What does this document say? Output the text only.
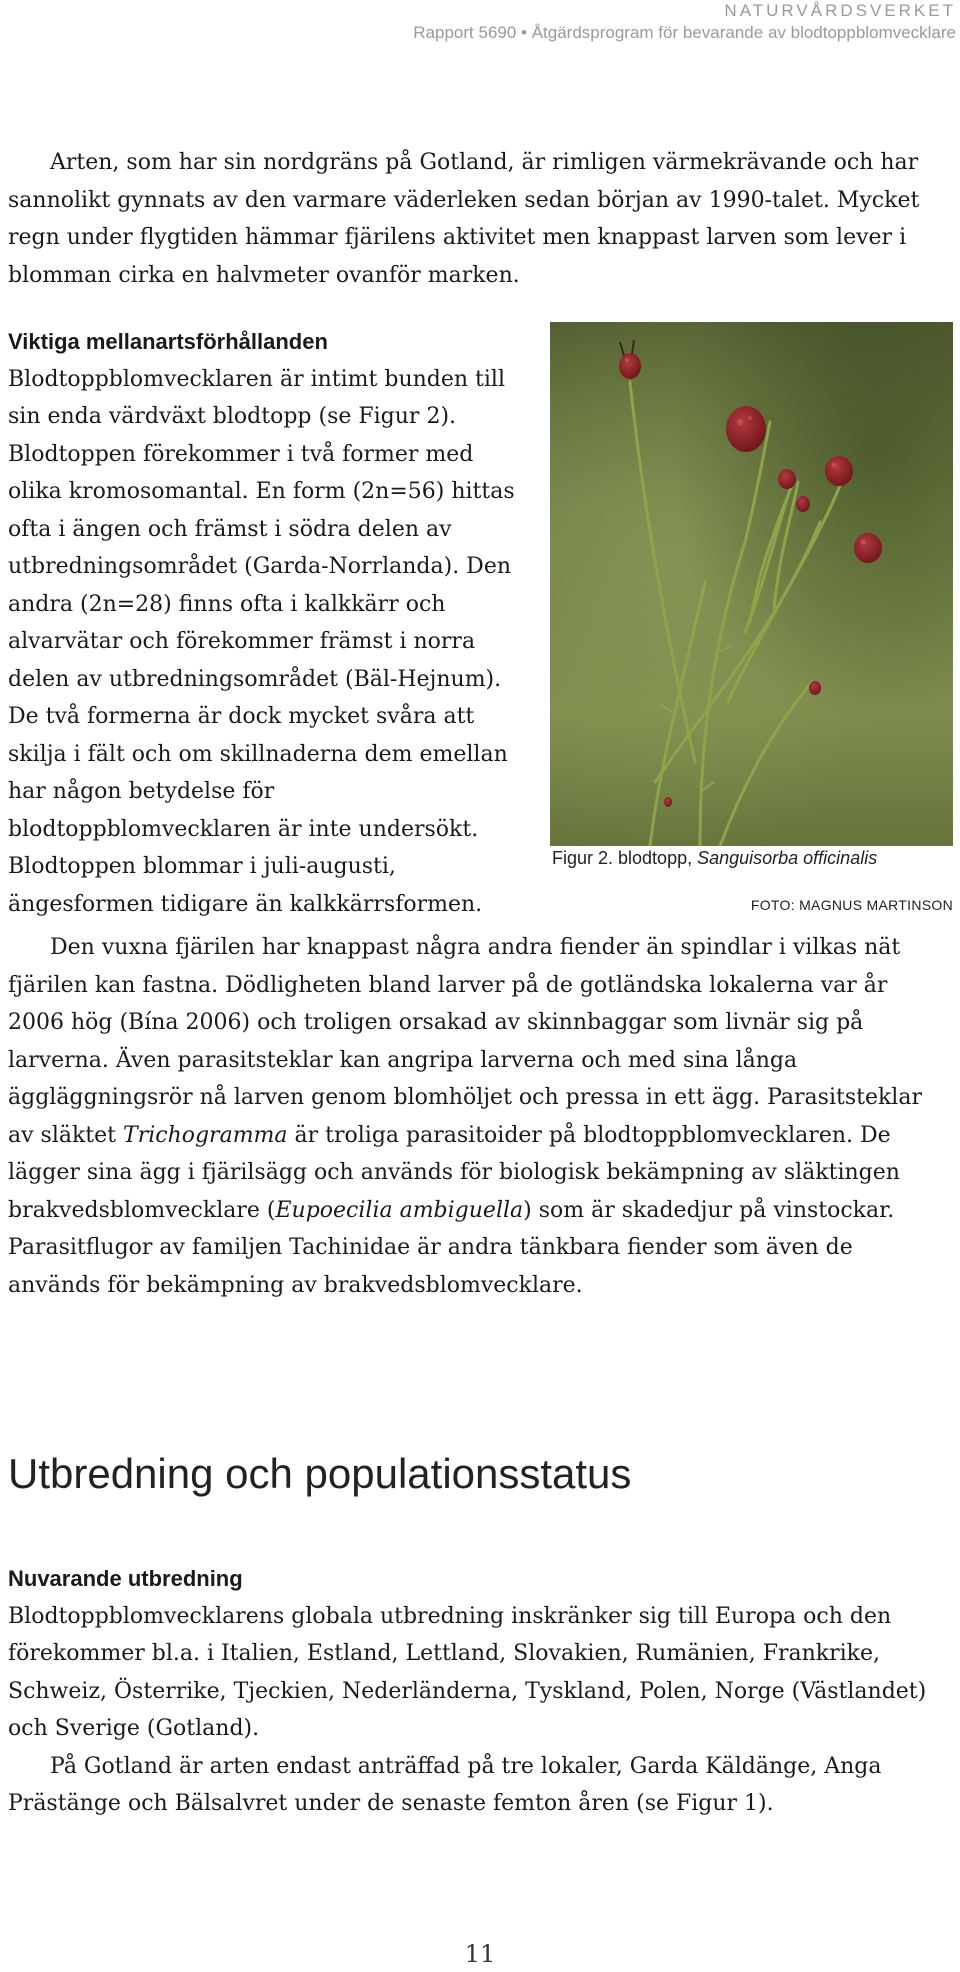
NATURVÅRDSVERKET
Rapport 5690 • Åtgärdsprogram för bevarande av blodtoppblomvecklare

Arten, som har sin nordgräns på Gotland, är rimligen värmekrävande och har sannolikt gynnats av den varmare väderleken sedan början av 1990-talet. Mycket regn under flygtiden hämmar fjärilens aktivitet men knappast larven som lever i blomman cirka en halvmeter ovanför marken.

Viktiga mellanartsförhållanden

Blodtoppblomvecklaren är intimt bunden till sin enda värdväxt blodtopp (se Figur 2). Blodtoppen förekommer i två former med olika kromosomantal. En form (2n=56) hittas ofta i ängen och främst i södra delen av utbredningsområdet (Garda-Norrlanda). Den andra (2n=28) finns ofta i kalkkärr och alvarvätar och förekommer främst i norra delen av utbredningsområdet (Bäl-Hejnum). De två formerna är dock mycket svåra att skilja i fält och om skillnaderna dem emellan har någon betydelse för blodtoppblomvecklaren är inte undersökt. Blodtoppen blommar i juli-augusti, ängesformen tidigare än kalkkärrsformen.

Figur 2. blodtopp, Sanguisorba officinalis
FOTO: MAGNUS MARTINSON

Den vuxna fjärilen har knappast några andra fiender än spindlar i vilkas nät fjärilen kan fastna. Dödligheten bland larver på de gotländska lokalerna var år 2006 hög (Bína 2006) och troligen orsakad av skinnbaggar som livnär sig på larverna. Även parasitsteklar kan angripa larverna och med sina långa äggläggningsrör nå larven genom blomhöljet och pressa in ett ägg. Parasitsteklar av släktet Trichogramma är troliga parasitoider på blodtoppblomvecklaren. De lägger sina ägg i fjärilsägg och används för biologisk bekämpning av släktingen brakvedsblomvecklare (Eupoecilia ambiguella) som är skadedjur på vinstockar. Parasitflugor av familjen Tachinidae är andra tänkbara fiender som även de används för bekämpning av brakvedsblomvecklare.

Utbredning och populationsstatus
Nuvarande utbredning

Blodtoppblomvecklarens globala utbredning inskränker sig till Europa och den förekommer bl.a. i Italien, Estland, Lettland, Slovakien, Rumänien, Frankrike, Schweiz, Österrike, Tjeckien, Nederländerna, Tyskland, Polen, Norge (Västlandet) och Sverige (Gotland).

På Gotland är arten endast anträffad på tre lokaler, Garda Käldänge, Anga Prästänge och Bälsalvret under de senaste femton åren (se Figur 1).

11
